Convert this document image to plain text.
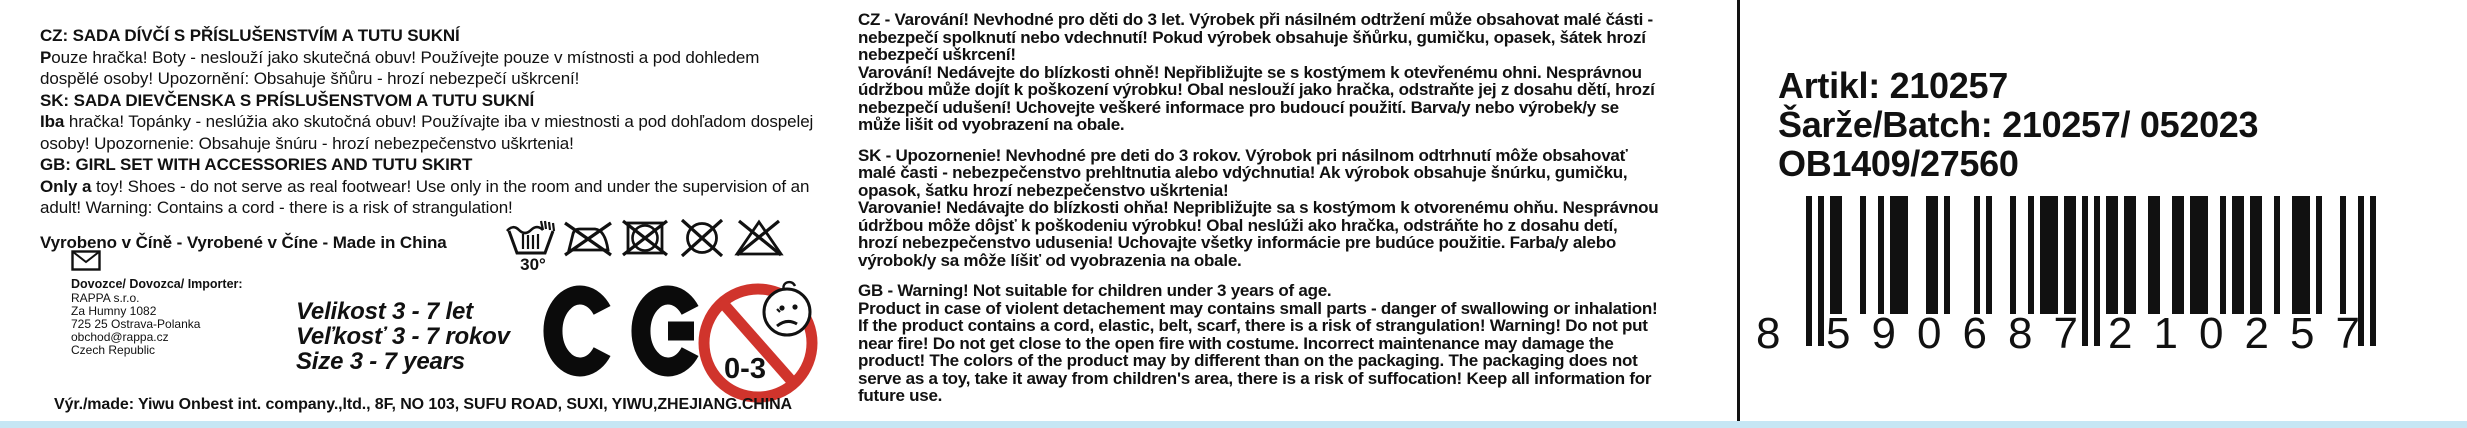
CZ: SADA DÍVČÍ S PŘÍSLUŠENSTVÍM A TUTU SUKNÍ
Pouze hračka! Boty - neslouží jako skutečná obuv! Používejte pouze v místnosti a pod dohledem dospělé osoby! Upozornění: Obsahuje šňůru - hrozí nebezpečí uškrcení!
SK: SADA DIEVČENSKA S PRÍSLUŠENSTVOM A TUTU SUKNÍ
Iba hračka! Topánky - neslúžia ako skutočná obuv! Používajte iba v miestnosti a pod dohľadom dospelej osoby! Upozornenie: Obsahuje šnúru - hrozí nebezpečenstvo uškrtenia!
GB: GIRL SET WITH ACCESSORIES AND TUTU SKIRT
Only a toy! Shoes - do not serve as real footwear! Use only in the room and under the supervision of an adult! Warning: Contains a cord - there is a risk of strangulation!
Vyrobeno v Číně - Vyrobené v Číne - Made in China
Dovozce/ Dovozca/ Importer:
RAPPA s.r.o.
Za Humny 1082
725 25 Ostrava-Polanka
obchod@rappa.cz
Czech Republic
30°
Velikost 3 - 7 let
Veľkosť 3 - 7 rokov
Size 3 - 7 years	0-3
Výr./made: Yiwu Onbest int. company.,ltd., 8F, NO 103, SUFU ROAD, SUXI, YIWU,ZHEJIANG.CHINA

CZ - Varování! Nevhodné pro děti do 3 let. Výrobek při násilném odtržení může obsahovat malé části - nebezpečí spolknutí nebo vdechnutí! Pokud výrobek obsahuje šňůrku, gumičku, opasek, šátek hrozí nebezpečí uškrcení!

Varování! Nedávejte do blízkosti ohně! Nepřibližujte se s kostýmem k otevřenému ohni. Nesprávnou údržbou může dojít k poškození výrobku! Obal neslouží jako hračka, odstraňte jej z dosahu dětí, hrozí nebezpečí udušení! Uchovejte veškeré informace pro budoucí použití. Barva/y nebo výrobek/y se může lišit od vyobrazení na obale.

SK - Upozornenie! Nevhodné pre deti do 3 rokov. Výrobok pri násilnom odtrhnutí môže obsahovať malé časti - nebezpečenstvo prehltnutia alebo vdýchnutia! Ak výrobok obsahuje šnúrku, gumičku, opasok, šatku hrozí nebezpečenstvo uškrtenia!

Varovanie! Nedávajte do blízkosti ohňa! Nepribližujte sa s kostýmom k otvorenému ohňu. Nesprávnou údržbou môže dôjsť k poškodeniu výrobku! Obal neslúži ako hračka, odstráňte ho z dosahu detí, hrozí nebezpečenstvo udusenia! Uchovajte všetky informácie pre budúce použitie. Farba/y alebo výrobok/y sa môže líšiť od vyobrazenia na obale.

GB - Warning! Not suitable for children under 3 years of age.

Product in case of violent detachement may contains small parts - danger of swallowing or inhalation! If the product contains a cord, elastic, belt, scarf, there is a risk of strangulation! Warning! Do not put near fire! Do not get close to the open fire with costume. Incorrect maintenance may damage the product! The colors of the product may by different than on the packaging. The packaging does not serve as a toy, take it away from children's area, there is a risk of suffocation! Keep all information for future use.

Artikl: 210257
Šarže/Batch: 210257/ 052023
OB1409/27560
8 5 9 0 6 8 7 2 1 0 2 5 7
